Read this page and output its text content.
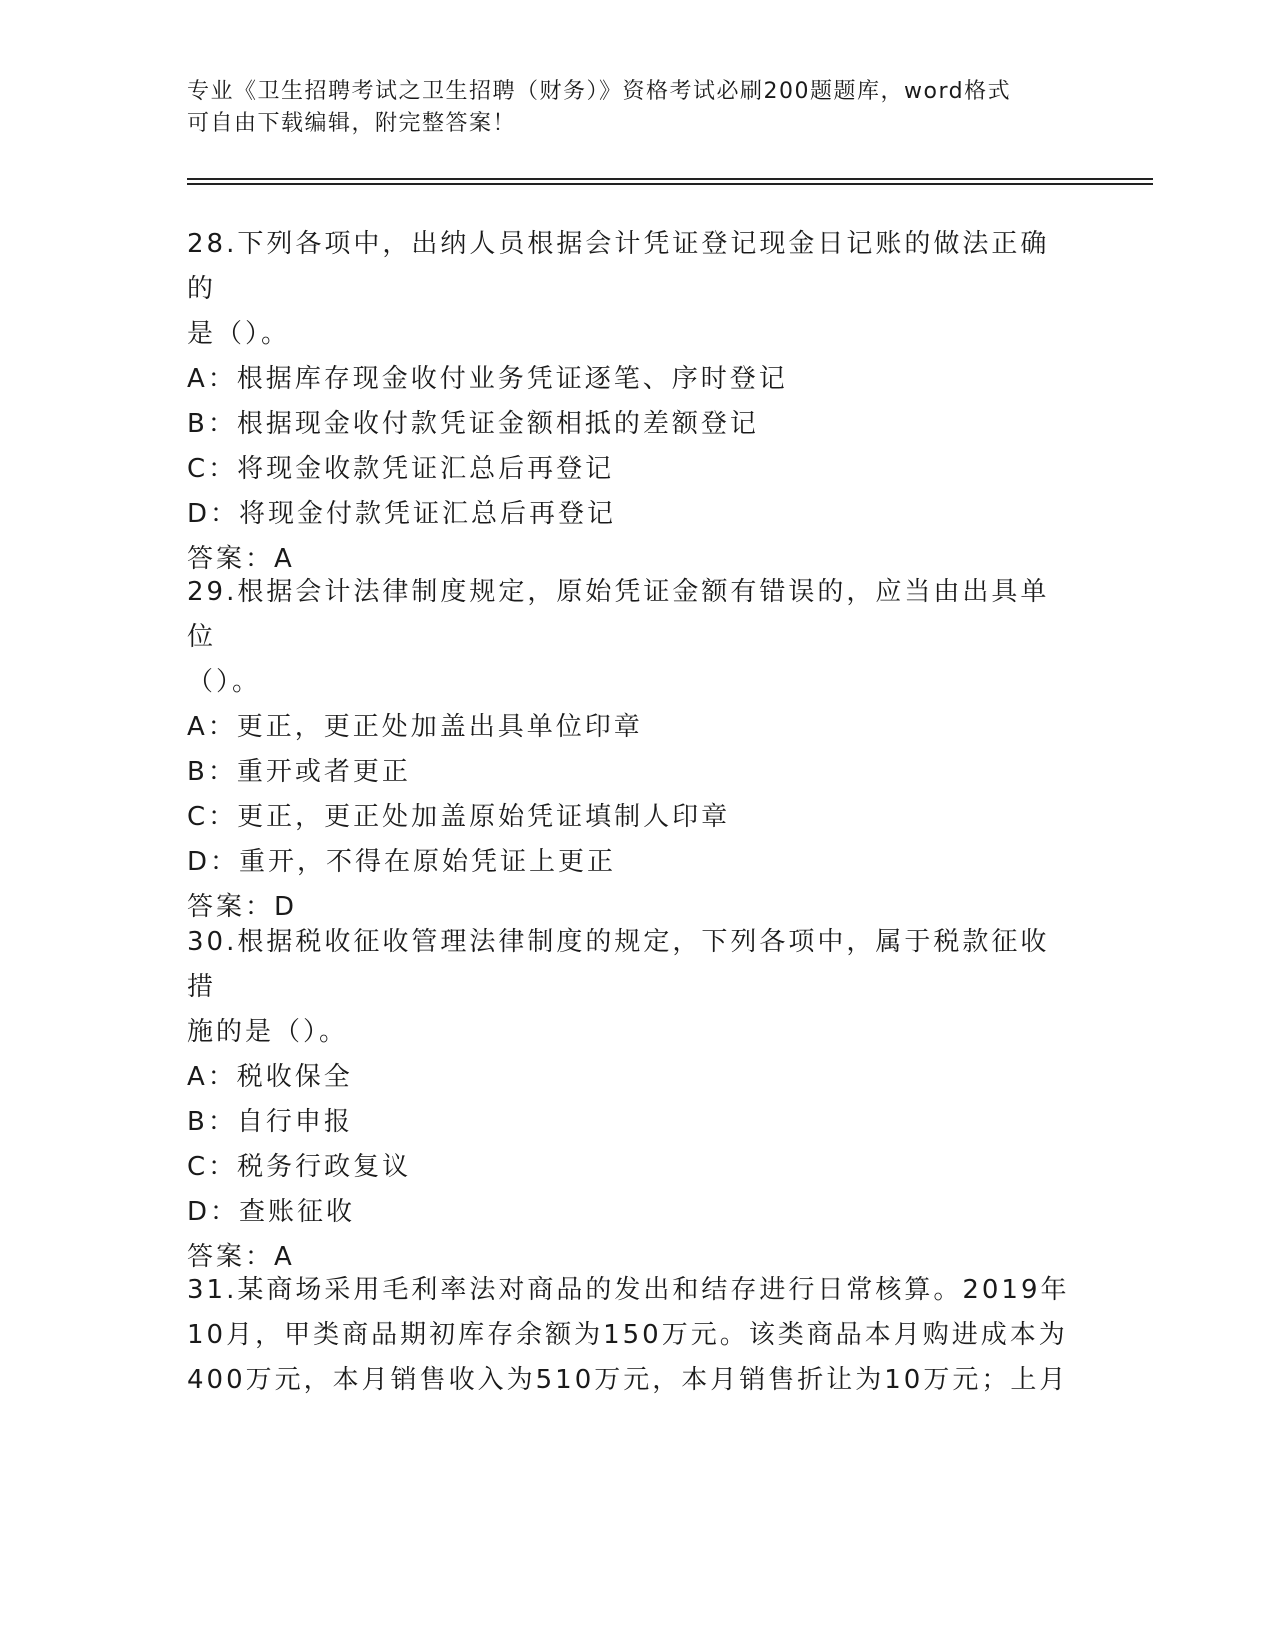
专业《卫生招聘考试之卫生招聘（财务）》资格考试必刷200题题库，word格式
可自由下载编辑，附完整答案！

28.下列各项中，出纳人员根据会计凭证登记现金日记账的做法正确的

是（）。

A：根据库存现金收付业务凭证逐笔、序时登记

B：根据现金收付款凭证金额相抵的差额登记

C：将现金收款凭证汇总后再登记

D：将现金付款凭证汇总后再登记

答案：A

29.根据会计法律制度规定，原始凭证金额有错误的，应当由出具单位

（）。

A：更正，更正处加盖出具单位印章

B：重开或者更正

C：更正，更正处加盖原始凭证填制人印章

D：重开，不得在原始凭证上更正

答案：D

30.根据税收征收管理法律制度的规定，下列各项中，属于税款征收措

施的是（）。

A：税收保全

B：自行申报

C：税务行政复议

D：查账征收

答案：A

31.某商场采用毛利率法对商品的发出和结存进行日常核算。2019年

10月，甲类商品期初库存余额为150万元。该类商品本月购进成本为

400万元，本月销售收入为510万元，本月销售折让为10万元；上月
